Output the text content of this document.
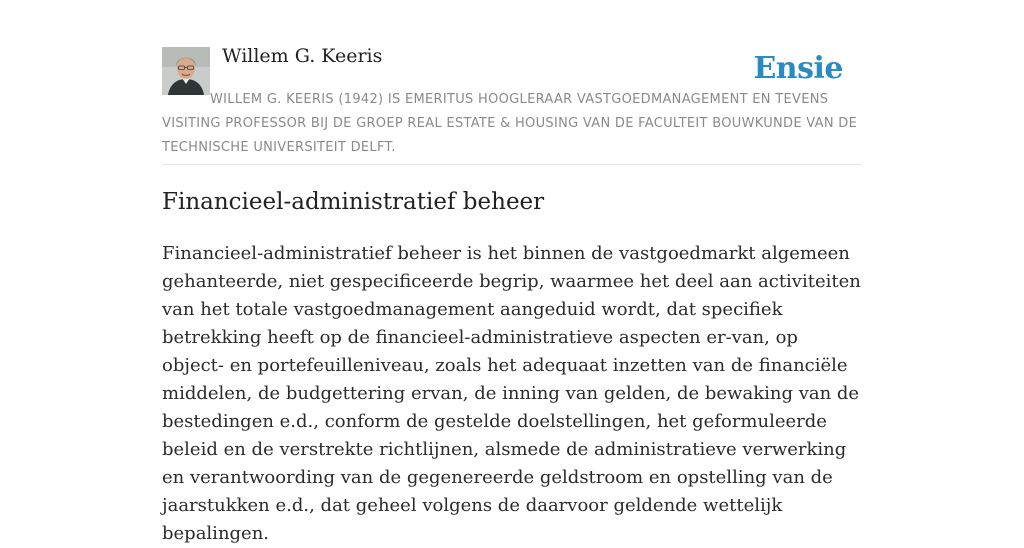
Willem G. Keeris	Ensie
WILLEM G. KEERIS (1942) IS EMERITUS HOOGLERAAR VASTGOEDMANAGEMENT EN TEVENS VISITING PROFESSOR BIJ DE GROEP REAL ESTATE & HOUSING VAN DE FACULTEIT BOUWKUNDE VAN DE TECHNISCHE UNIVERSITEIT DELFT.
Financieel-administratief beheer

Financieel-administratief beheer is het binnen de vastgoedmarkt algemeen gehanteerde, niet gespecificeerde begrip, waarmee het deel aan activiteiten van het totale vastgoedmanagement aangeduid wordt, dat specifiek betrekking heeft op de financieel-administratieve aspecten er-van, op object- en portefeuilleniveau, zoals het adequaat inzetten van de financiële middelen, de budgettering ervan, de inning van gelden, de bewaking van de bestedingen e.d., conform de gestelde doelstellingen, het geformuleerde beleid en de verstrekte richtlijnen, alsmede de administratieve verwerking en verantwoording van de gegenereerde geldstroom en opstelling van de jaarstukken e.d., dat geheel volgens de daarvoor geldende wettelijk bepalingen.
